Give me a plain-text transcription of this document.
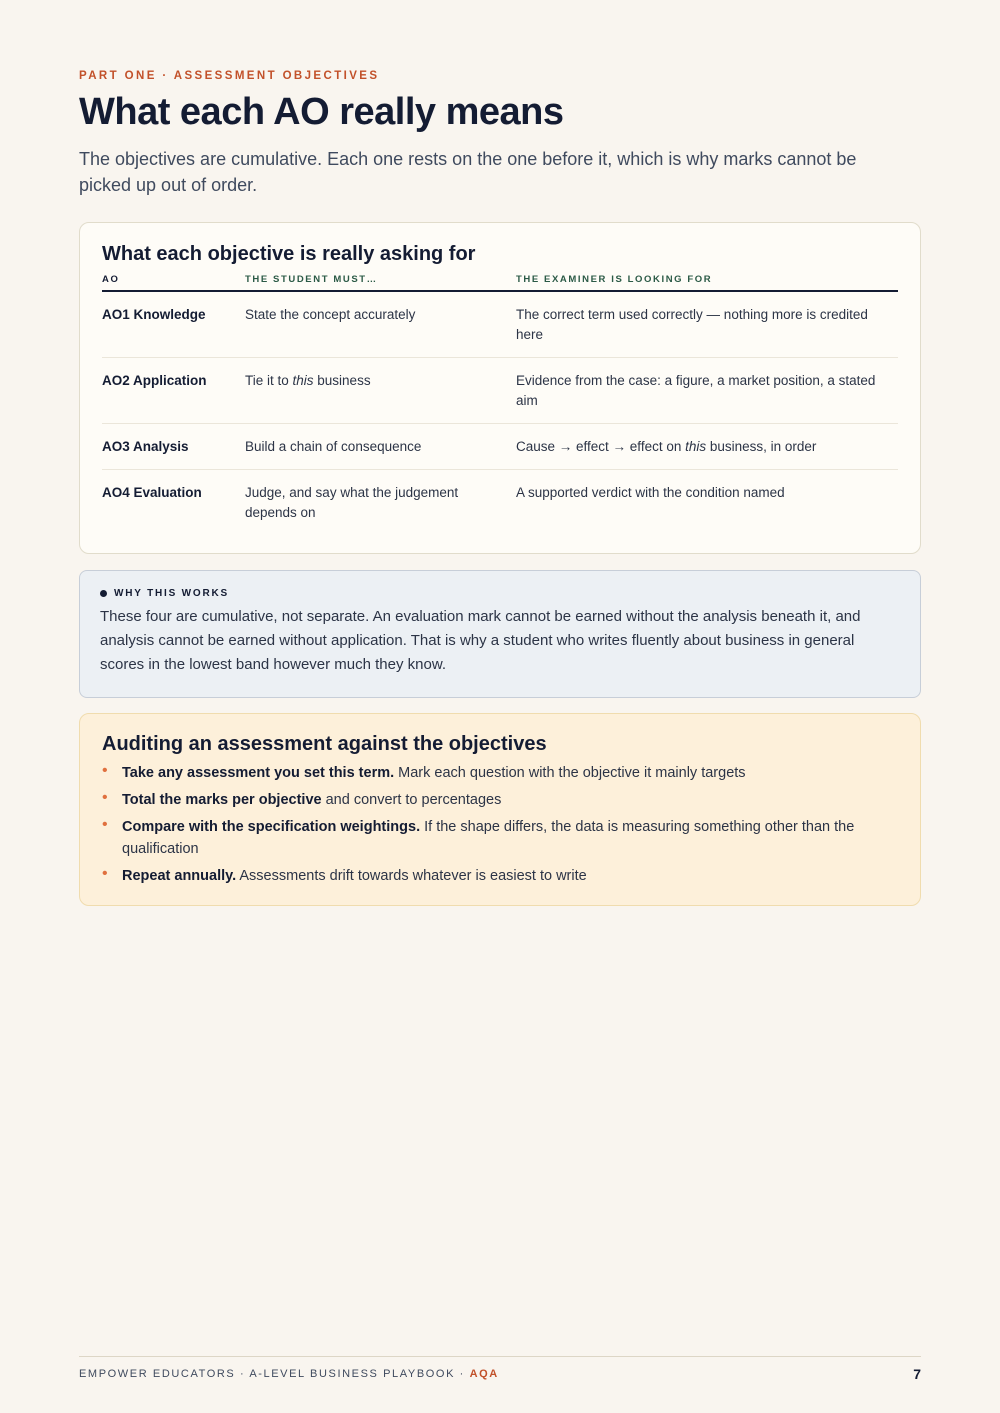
PART ONE · ASSESSMENT OBJECTIVES
What each AO really means

The objectives are cumulative. Each one rests on the one before it, which is why marks cannot be picked up out of order.

What each objective is really asking for
AO	THE STUDENT MUST…	THE EXAMINER IS LOOKING FOR
AO1 Knowledge	State the concept accurately	The correct term used correctly — nothing more is credited here
AO2 Application	Tie it to this business	Evidence from the case: a figure, a market position, a stated aim
AO3 Analysis	Build a chain of consequence	Cause → effect → effect on this business, in order
AO4 Evaluation	Judge, and say what the judgement depends on	A supported verdict with the condition named
WHY THIS WORKS

These four are cumulative, not separate. An evaluation mark cannot be earned without the analysis beneath it, and analysis cannot be earned without application. That is why a student who writes fluently about business in general scores in the lowest band however much they know.

Auditing an assessment against the objectives
• Take any assessment you set this term. Mark each question with the objective it mainly targets
• Total the marks per objective and convert to percentages
• Compare with the specification weightings. If the shape differs, the data is measuring something other than the qualification
• Repeat annually. Assessments drift towards whatever is easiest to write
EMPOWER EDUCATORS · A-LEVEL BUSINESS PLAYBOOK · AQA	7
